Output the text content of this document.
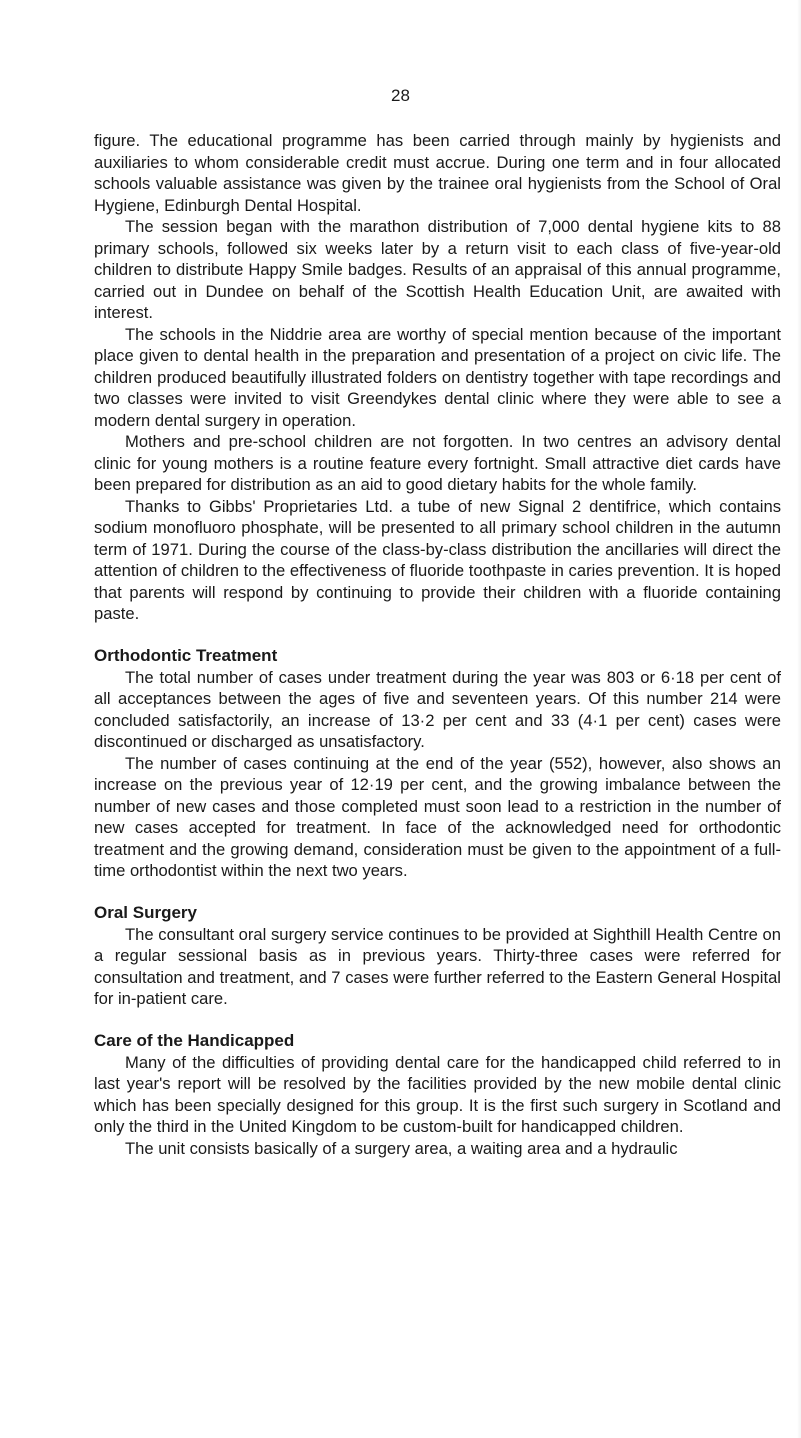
28

figure. The educational programme has been carried through mainly by hygienists and auxiliaries to whom considerable credit must accrue. During one term and in four allocated schools valuable assistance was given by the trainee oral hygienists from the School of Oral Hygiene, Edinburgh Dental Hospital.

The session began with the marathon distribution of 7,000 dental hygiene kits to 88 primary schools, followed six weeks later by a return visit to each class of five-year-old children to distribute Happy Smile badges. Results of an appraisal of this annual programme, carried out in Dundee on behalf of the Scottish Health Education Unit, are awaited with interest.

The schools in the Niddrie area are worthy of special mention because of the important place given to dental health in the preparation and presentation of a project on civic life. The children produced beautifully illustrated folders on dentistry together with tape recordings and two classes were invited to visit Greendykes dental clinic where they were able to see a modern dental surgery in operation.

Mothers and pre-school children are not forgotten. In two centres an advisory dental clinic for young mothers is a routine feature every fortnight. Small attractive diet cards have been prepared for distribution as an aid to good dietary habits for the whole family.

Thanks to Gibbs' Proprietaries Ltd. a tube of new Signal 2 dentifrice, which contains sodium monofluoro phosphate, will be presented to all primary school children in the autumn term of 1971. During the course of the class-by-class distribution the ancillaries will direct the attention of children to the effectiveness of fluoride toothpaste in caries prevention. It is hoped that parents will respond by continuing to provide their children with a fluoride containing paste.

Orthodontic Treatment

The total number of cases under treatment during the year was 803 or 6·18 per cent of all acceptances between the ages of five and seventeen years. Of this number 214 were concluded satisfactorily, an increase of 13·2 per cent and 33 (4·1 per cent) cases were discontinued or discharged as unsatisfactory.

The number of cases continuing at the end of the year (552), however, also shows an increase on the previous year of 12·19 per cent, and the growing imbalance between the number of new cases and those completed must soon lead to a restriction in the number of new cases accepted for treatment. In face of the acknowledged need for orthodontic treatment and the growing demand, consideration must be given to the appointment of a full-time orthodontist within the next two years.

Oral Surgery

The consultant oral surgery service continues to be provided at Sighthill Health Centre on a regular sessional basis as in previous years. Thirty-three cases were referred for consultation and treatment, and 7 cases were further referred to the Eastern General Hospital for in-patient care.

Care of the Handicapped

Many of the difficulties of providing dental care for the handicapped child referred to in last year's report will be resolved by the facilities provided by the new mobile dental clinic which has been specially designed for this group. It is the first such surgery in Scotland and only the third in the United Kingdom to be custom-built for handicapped children.

The unit consists basically of a surgery area, a waiting area and a hydraulic
